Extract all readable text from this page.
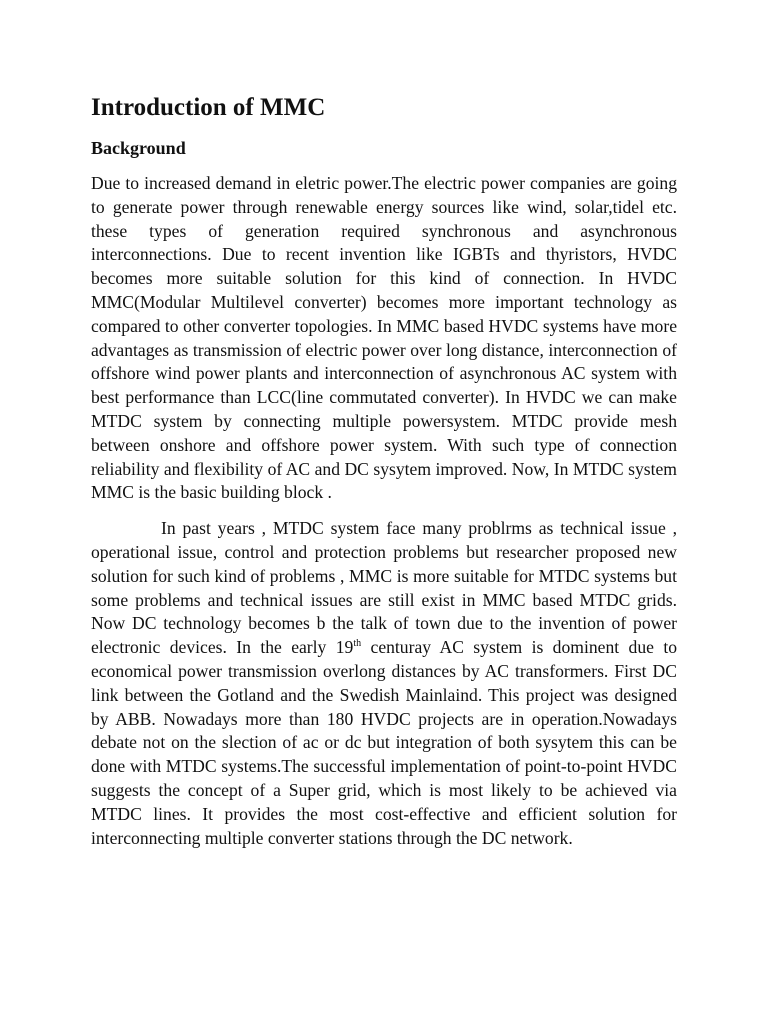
Introduction of MMC
Background

Due to increased demand in eletric power.The electric power companies are going to generate power through renewable energy sources like wind, solar,tidel etc. these types of generation required synchronous and asynchronous interconnections. Due to recent invention like IGBTs and thyristors, HVDC becomes more suitable solution for this kind of connection. In HVDC MMC(Modular Multilevel converter) becomes more important technology as compared to other converter topologies. In MMC based HVDC systems have more advantages as transmission of electric power over long distance, interconnection of offshore wind power plants and interconnection of asynchronous AC system with best performance than LCC(line commutated converter). In HVDC we can make MTDC system by connecting multiple powersystem. MTDC provide mesh between onshore and offshore power system. With such type of connection reliability and flexibility of AC and DC sysytem improved. Now, In MTDC system MMC is the basic building block .

In past years , MTDC system face many problrms as technical issue , operational issue, control and protection problems but researcher proposed new solution for such kind of problems , MMC is more suitable for MTDC systems but some problems and technical issues are still exist in MMC based MTDC grids. Now DC technology becomes b the talk of town due to the invention of power electronic devices. In the early 19th centuray AC system is dominent due to economical power transmission overlong distances by AC transformers. First DC link between the Gotland and the Swedish Mainlaind. This project was designed by ABB. Nowadays more than 180 HVDC projects are in operation.Nowadays debate not on the slection of ac or dc but integration of both sysytem this can be done with MTDC systems.The successful implementation of point-to-point HVDC suggests the concept of a Super grid, which is most likely to be achieved via MTDC lines. It provides the most cost-effective and efficient solution for interconnecting multiple converter stations through the DC network.
